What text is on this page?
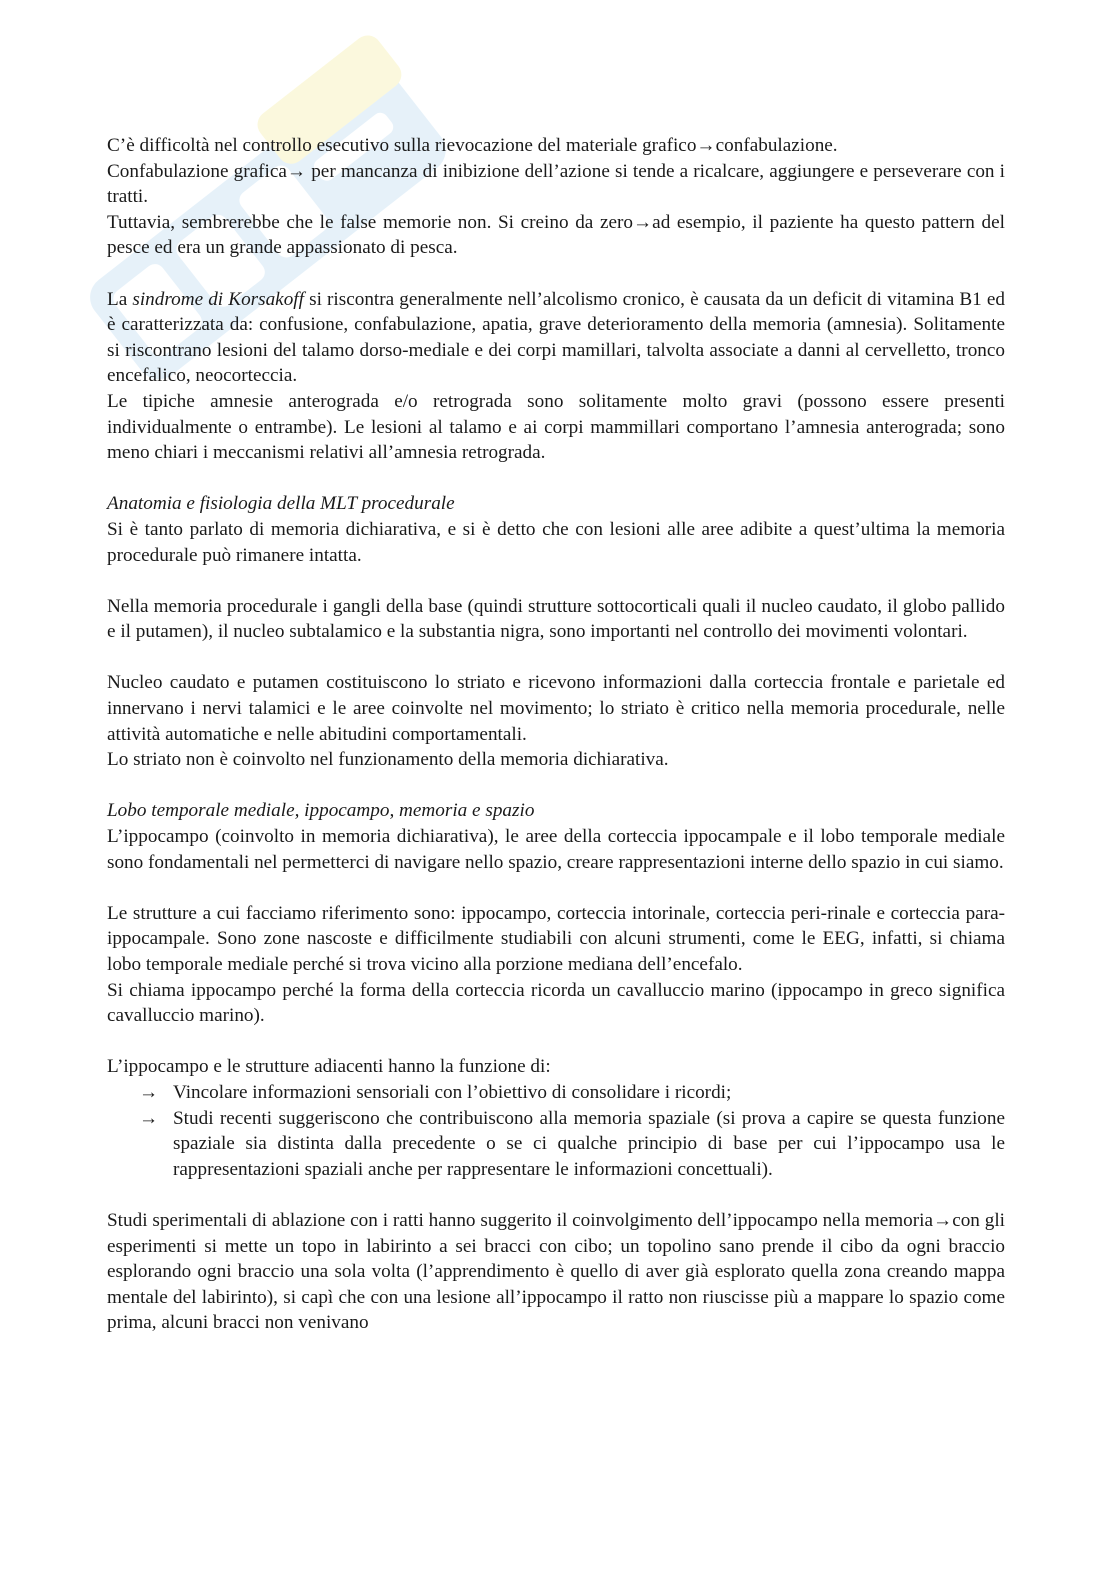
C’è difficoltà nel controllo esecutivo sulla rievocazione del materiale grafico→confabulazione.

Confabulazione grafica→ per mancanza di inibizione dell’azione si tende a ricalcare, aggiungere e perseverare con i tratti.

Tuttavia, sembrerebbe che le false memorie non. Si creino da zero→ad esempio, il paziente ha questo pattern del pesce ed era un grande appassionato di pesca.

La sindrome di Korsakoff si riscontra generalmente nell’alcolismo cronico, è causata da un deficit di vitamina B1 ed è caratterizzata da: confusione, confabulazione, apatia, grave deterioramento della memoria (amnesia). Solitamente si riscontrano lesioni del talamo dorso-mediale e dei corpi mamillari, talvolta associate a danni al cervelletto, tronco encefalico, neocorteccia.

Le tipiche amnesie anterograda e/o retrograda sono solitamente molto gravi (possono essere presenti individualmente o entrambe). Le lesioni al talamo e ai corpi mammillari comportano l’amnesia anterograda; sono meno chiari i meccanismi relativi all’amnesia retrograda.

Anatomia e fisiologia della MLT procedurale

Si è tanto parlato di memoria dichiarativa, e si è detto che con lesioni alle aree adibite a quest’ultima la memoria procedurale può rimanere intatta.

Nella memoria procedurale i gangli della base (quindi strutture sottocorticali quali il nucleo caudato, il globo pallido e il putamen), il nucleo subtalamico e la substantia nigra, sono importanti nel controllo dei movimenti volontari.

Nucleo caudato e putamen costituiscono lo striato e ricevono informazioni dalla corteccia frontale e parietale ed innervano i nervi talamici e le aree coinvolte nel movimento; lo striato è critico nella memoria procedurale, nelle attività automatiche e nelle abitudini comportamentali.

Lo striato non è coinvolto nel funzionamento della memoria dichiarativa.

Lobo temporale mediale, ippocampo, memoria e spazio

L’ippocampo (coinvolto in memoria dichiarativa), le aree della corteccia ippocampale e il lobo temporale mediale sono fondamentali nel permetterci di navigare nello spazio, creare rappresentazioni interne dello spazio in cui siamo.

Le strutture a cui facciamo riferimento sono: ippocampo, corteccia intorinale, corteccia peri-rinale e corteccia para-ippocampale. Sono zone nascoste e difficilmente studiabili con alcuni strumenti, come le EEG, infatti, si chiama lobo temporale mediale perché si trova vicino alla porzione mediana dell’encefalo.

Si chiama ippocampo perché la forma della corteccia ricorda un cavalluccio marino (ippocampo in greco significa cavalluccio marino).

L’ippocampo e le strutture adiacenti hanno la funzione di:

→ Vincolare informazioni sensoriali con l’obiettivo di consolidare i ricordi;
→ Studi recenti suggeriscono che contribuiscono alla memoria spaziale (si prova a capire se questa funzione spaziale sia distinta dalla precedente o se ci qualche principio di base per cui l’ippocampo usa le rappresentazioni spaziali anche per rappresentare le informazioni concettuali).

Studi sperimentali di ablazione con i ratti hanno suggerito il coinvolgimento dell’ippocampo nella memoria→con gli esperimenti si mette un topo in labirinto a sei bracci con cibo; un topolino sano prende il cibo da ogni braccio esplorando ogni braccio una sola volta (l’apprendimento è quello di aver già esplorato quella zona creando mappa mentale del labirinto), si capì che con una lesione all’ippocampo il ratto non riuscisse più a mappare lo spazio come prima, alcuni bracci non venivano
